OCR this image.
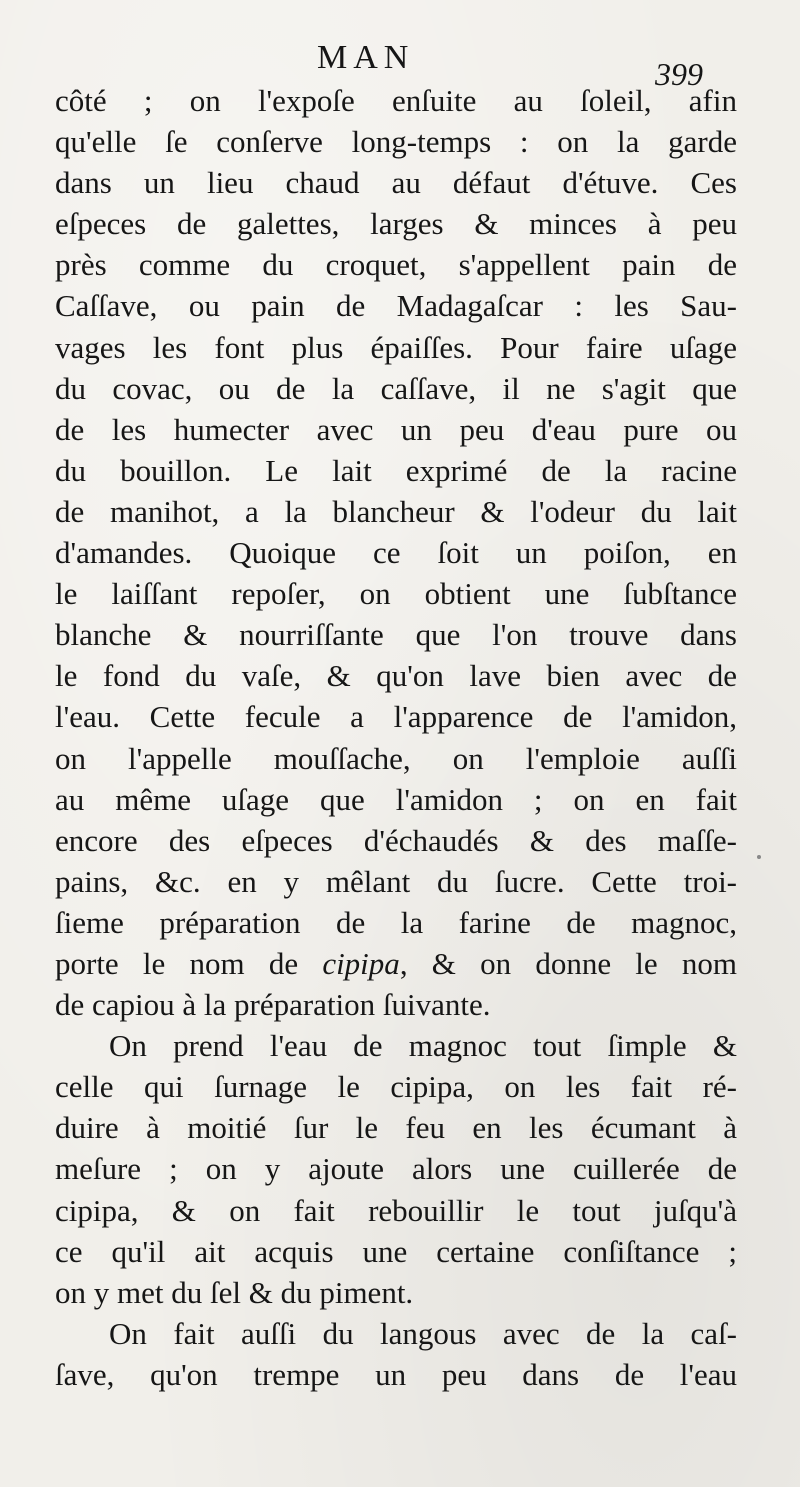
MAN	399
côté ; on l'expoſe enſuite au ſoleil, afin
qu'elle ſe conſerve long-temps : on la garde
dans un lieu chaud au défaut d'étuve. Ces
eſpeces de galettes, larges & minces à peu
près comme du croquet, s'appellent pain de
Caſſave, ou pain de Madagaſcar : les Sau-
vages les font plus épaiſſes. Pour faire uſage
du covac, ou de la caſſave, il ne s'agit que
de les humecter avec un peu d'eau pure ou
du bouillon. Le lait exprimé de la racine
de manihot, a la blancheur & l'odeur du lait
d'amandes. Quoique ce ſoit un poiſon, en
le laiſſant repoſer, on obtient une ſubſtance
blanche & nourriſſante que l'on trouve dans
le fond du vaſe, & qu'on lave bien avec de
l'eau. Cette fecule a l'apparence de l'amidon,
on l'appelle mouſſache, on l'emploie auſſi
au même uſage que l'amidon ; on en fait
encore des eſpeces d'échaudés & des maſſe-
pains, &c. en y mêlant du ſucre. Cette troi-
ſieme préparation de la farine de magnoc,
porte le nom de cipipa, & on donne le nom
de capiou à la préparation ſuivante.
On prend l'eau de magnoc tout ſimple &
celle qui ſurnage le cipipa, on les fait ré-
duire à moitié ſur le feu en les écumant à
meſure ; on y ajoute alors une cuillerée de
cipipa, & on fait rebouillir le tout juſqu'à
ce qu'il ait acquis une certaine conſiſtance ;
on y met du ſel & du piment.
On fait auſſi du langous avec de la caſ-
ſave, qu'on trempe un peu dans de l'eau
